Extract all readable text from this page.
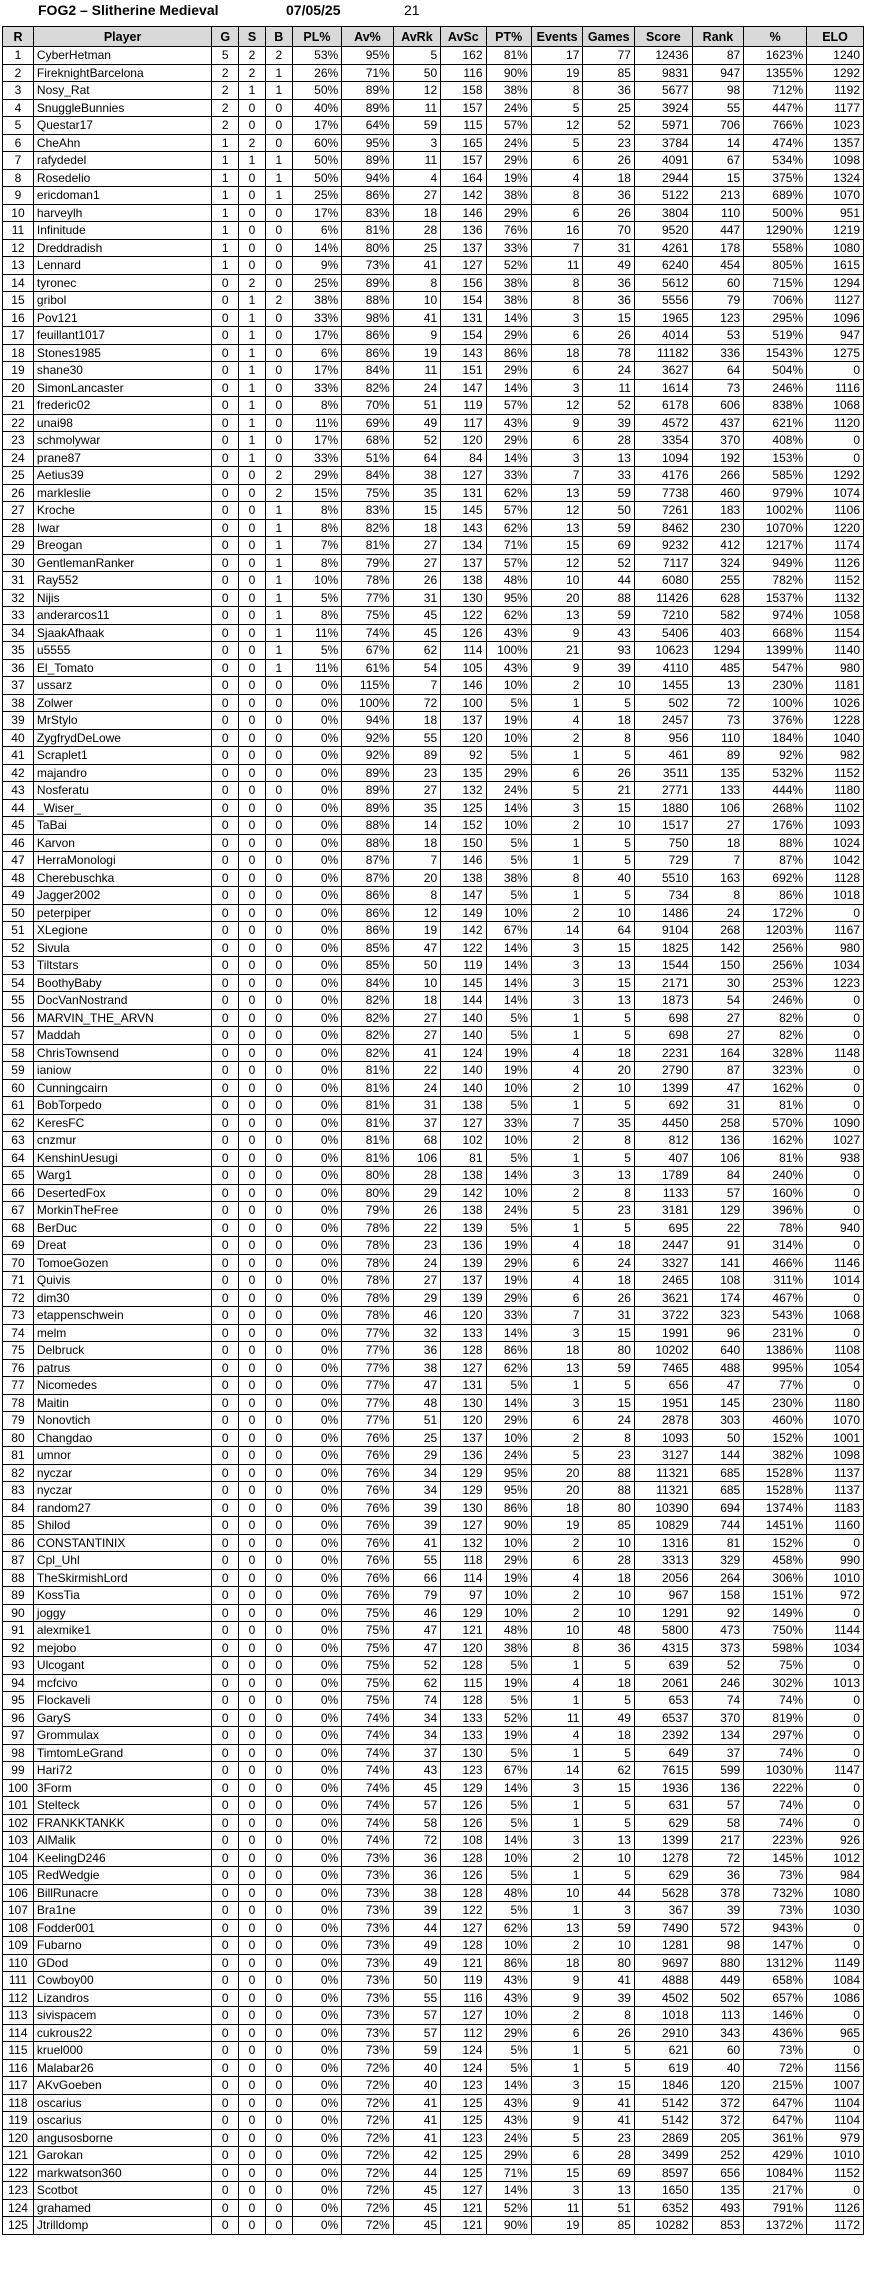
FOG2 – Slitherine Medieval	07/05/25	21
R	Player	G	S	B	PL%	Av%	AvRk	AvSc	PT%	Events	Games	Score	Rank	%	ELO
1	CyberHetman	5	2	2	53%	95%	5	162	81%	17	77	12436	87	1623%	1240
2	FireknightBarcelona	2	2	1	26%	71%	50	116	90%	19	85	9831	947	1355%	1292
3	Nosy_Rat	2	1	1	50%	89%	12	158	38%	8	36	5677	98	712%	1192
4	SnuggleBunnies	2	0	0	40%	89%	11	157	24%	5	25	3924	55	447%	1177
5	Questar17	2	0	0	17%	64%	59	115	57%	12	52	5971	706	766%	1023
6	CheAhn	1	2	0	60%	95%	3	165	24%	5	23	3784	14	474%	1357
7	rafydedel	1	1	1	50%	89%	11	157	29%	6	26	4091	67	534%	1098
8	Rosedelio	1	0	1	50%	94%	4	164	19%	4	18	2944	15	375%	1324
9	ericdoman1	1	0	1	25%	86%	27	142	38%	8	36	5122	213	689%	1070
10	harveylh	1	0	0	17%	83%	18	146	29%	6	26	3804	110	500%	951
11	Infinitude	1	0	0	6%	81%	28	136	76%	16	70	9520	447	1290%	1219
12	Dreddradish	1	0	0	14%	80%	25	137	33%	7	31	4261	178	558%	1080
13	Lennard	1	0	0	9%	73%	41	127	52%	11	49	6240	454	805%	1615
14	tyronec	0	2	0	25%	89%	8	156	38%	8	36	5612	60	715%	1294
15	gribol	0	1	2	38%	88%	10	154	38%	8	36	5556	79	706%	1127
16	Pov121	0	1	0	33%	98%	41	131	14%	3	15	1965	123	295%	1096
17	feuillant1017	0	1	0	17%	86%	9	154	29%	6	26	4014	53	519%	947
18	Stones1985	0	1	0	6%	86%	19	143	86%	18	78	11182	336	1543%	1275
19	shane30	0	1	0	17%	84%	11	151	29%	6	24	3627	64	504%	0
20	SimonLancaster	0	1	0	33%	82%	24	147	14%	3	11	1614	73	246%	1116
21	frederic02	0	1	0	8%	70%	51	119	57%	12	52	6178	606	838%	1068
22	unai98	0	1	0	11%	69%	49	117	43%	9	39	4572	437	621%	1120
23	schmolywar	0	1	0	17%	68%	52	120	29%	6	28	3354	370	408%	0
24	prane87	0	1	0	33%	51%	64	84	14%	3	13	1094	192	153%	0
25	Aetius39	0	0	2	29%	84%	38	127	33%	7	33	4176	266	585%	1292
26	markleslie	0	0	2	15%	75%	35	131	62%	13	59	7738	460	979%	1074
27	Kroche	0	0	1	8%	83%	15	145	57%	12	50	7261	183	1002%	1106
28	Iwar	0	0	1	8%	82%	18	143	62%	13	59	8462	230	1070%	1220
29	Breogan	0	0	1	7%	81%	27	134	71%	15	69	9232	412	1217%	1174
30	GentlemanRanker	0	0	1	8%	79%	27	137	57%	12	52	7117	324	949%	1126
31	Ray552	0	0	1	10%	78%	26	138	48%	10	44	6080	255	782%	1152
32	Nijis	0	0	1	5%	77%	31	130	95%	20	88	11426	628	1537%	1132
33	anderarcos11	0	0	1	8%	75%	45	122	62%	13	59	7210	582	974%	1058
34	SjaakAfhaak	0	0	1	11%	74%	45	126	43%	9	43	5406	403	668%	1154
35	u5555	0	0	1	5%	67%	62	114	100%	21	93	10623	1294	1399%	1140
36	El_Tomato	0	0	1	11%	61%	54	105	43%	9	39	4110	485	547%	980
37	ussarz	0	0	0	0%	115%	7	146	10%	2	10	1455	13	230%	1181
38	Zolwer	0	0	0	0%	100%	72	100	5%	1	5	502	72	100%	1026
39	MrStylo	0	0	0	0%	94%	18	137	19%	4	18	2457	73	376%	1228
40	ZygfrydDeLowe	0	0	0	0%	92%	55	120	10%	2	8	956	110	184%	1040
41	Scraplet1	0	0	0	0%	92%	89	92	5%	1	5	461	89	92%	982
42	majandro	0	0	0	0%	89%	23	135	29%	6	26	3511	135	532%	1152
43	Nosferatu	0	0	0	0%	89%	27	132	24%	5	21	2771	133	444%	1180
44	_Wiser_	0	0	0	0%	89%	35	125	14%	3	15	1880	106	268%	1102
45	TaBai	0	0	0	0%	88%	14	152	10%	2	10	1517	27	176%	1093
46	Karvon	0	0	0	0%	88%	18	150	5%	1	5	750	18	88%	1024
47	HerraMonologi	0	0	0	0%	87%	7	146	5%	1	5	729	7	87%	1042
48	Cherebuschka	0	0	0	0%	87%	20	138	38%	8	40	5510	163	692%	1128
49	Jagger2002	0	0	0	0%	86%	8	147	5%	1	5	734	8	86%	1018
50	peterpiper	0	0	0	0%	86%	12	149	10%	2	10	1486	24	172%	0
51	XLegione	0	0	0	0%	86%	19	142	67%	14	64	9104	268	1203%	1167
52	Sivula	0	0	0	0%	85%	47	122	14%	3	15	1825	142	256%	980
53	Tiltstars	0	0	0	0%	85%	50	119	14%	3	13	1544	150	256%	1034
54	BoothyBaby	0	0	0	0%	84%	10	145	14%	3	15	2171	30	253%	1223
55	DocVanNostrand	0	0	0	0%	82%	18	144	14%	3	13	1873	54	246%	0
56	MARVIN_THE_ARVN	0	0	0	0%	82%	27	140	5%	1	5	698	27	82%	0
57	Maddah	0	0	0	0%	82%	27	140	5%	1	5	698	27	82%	0
58	ChrisTownsend	0	0	0	0%	82%	41	124	19%	4	18	2231	164	328%	1148
59	ianiow	0	0	0	0%	81%	22	140	19%	4	20	2790	87	323%	0
60	Cunningcairn	0	0	0	0%	81%	24	140	10%	2	10	1399	47	162%	0
61	BobTorpedo	0	0	0	0%	81%	31	138	5%	1	5	692	31	81%	0
62	KeresFC	0	0	0	0%	81%	37	127	33%	7	35	4450	258	570%	1090
63	cnzmur	0	0	0	0%	81%	68	102	10%	2	8	812	136	162%	1027
64	KenshinUesugi	0	0	0	0%	81%	106	81	5%	1	5	407	106	81%	938
65	Warg1	0	0	0	0%	80%	28	138	14%	3	13	1789	84	240%	0
66	DesertedFox	0	0	0	0%	80%	29	142	10%	2	8	1133	57	160%	0
67	MorkinTheFree	0	0	0	0%	79%	26	138	24%	5	23	3181	129	396%	0
68	BerDuc	0	0	0	0%	78%	22	139	5%	1	5	695	22	78%	940
69	Dreat	0	0	0	0%	78%	23	136	19%	4	18	2447	91	314%	0
70	TomoeGozen	0	0	0	0%	78%	24	139	29%	6	24	3327	141	466%	1146
71	Quivis	0	0	0	0%	78%	27	137	19%	4	18	2465	108	311%	1014
72	dim30	0	0	0	0%	78%	29	139	29%	6	26	3621	174	467%	0
73	etappenschwein	0	0	0	0%	78%	46	120	33%	7	31	3722	323	543%	1068
74	melm	0	0	0	0%	77%	32	133	14%	3	15	1991	96	231%	0
75	Delbruck	0	0	0	0%	77%	36	128	86%	18	80	10202	640	1386%	1108
76	patrus	0	0	0	0%	77%	38	127	62%	13	59	7465	488	995%	1054
77	Nicomedes	0	0	0	0%	77%	47	131	5%	1	5	656	47	77%	0
78	Maitin	0	0	0	0%	77%	48	130	14%	3	15	1951	145	230%	1180
79	Nonovtich	0	0	0	0%	77%	51	120	29%	6	24	2878	303	460%	1070
80	Changdao	0	0	0	0%	76%	25	137	10%	2	8	1093	50	152%	1001
81	umnor	0	0	0	0%	76%	29	136	24%	5	23	3127	144	382%	1098
82	nyczar	0	0	0	0%	76%	34	129	95%	20	88	11321	685	1528%	1137
83	nyczar	0	0	0	0%	76%	34	129	95%	20	88	11321	685	1528%	1137
84	random27	0	0	0	0%	76%	39	130	86%	18	80	10390	694	1374%	1183
85	Shilod	0	0	0	0%	76%	39	127	90%	19	85	10829	744	1451%	1160
86	CONSTANTINIX	0	0	0	0%	76%	41	132	10%	2	10	1316	81	152%	0
87	Cpl_Uhl	0	0	0	0%	76%	55	118	29%	6	28	3313	329	458%	990
88	TheSkirmishLord	0	0	0	0%	76%	66	114	19%	4	18	2056	264	306%	1010
89	KossTia	0	0	0	0%	76%	79	97	10%	2	10	967	158	151%	972
90	joggy	0	0	0	0%	75%	46	129	10%	2	10	1291	92	149%	0
91	alexmike1	0	0	0	0%	75%	47	121	48%	10	48	5800	473	750%	1144
92	mejobo	0	0	0	0%	75%	47	120	38%	8	36	4315	373	598%	1034
93	Ulcogant	0	0	0	0%	75%	52	128	5%	1	5	639	52	75%	0
94	mcfcivo	0	0	0	0%	75%	62	115	19%	4	18	2061	246	302%	1013
95	Flockaveli	0	0	0	0%	75%	74	128	5%	1	5	653	74	74%	0
96	GaryS	0	0	0	0%	74%	34	133	52%	11	49	6537	370	819%	0
97	Grommulax	0	0	0	0%	74%	34	133	19%	4	18	2392	134	297%	0
98	TimtomLeGrand	0	0	0	0%	74%	37	130	5%	1	5	649	37	74%	0
99	Hari72	0	0	0	0%	74%	43	123	67%	14	62	7615	599	1030%	1147
100	3Form	0	0	0	0%	74%	45	129	14%	3	15	1936	136	222%	0
101	Stelteck	0	0	0	0%	74%	57	126	5%	1	5	631	57	74%	0
102	FRANKKTANKK	0	0	0	0%	74%	58	126	5%	1	5	629	58	74%	0
103	AlMalik	0	0	0	0%	74%	72	108	14%	3	13	1399	217	223%	926
104	KeelingD246	0	0	0	0%	73%	36	128	10%	2	10	1278	72	145%	1012
105	RedWedgie	0	0	0	0%	73%	36	126	5%	1	5	629	36	73%	984
106	BillRunacre	0	0	0	0%	73%	38	128	48%	10	44	5628	378	732%	1080
107	Bra1ne	0	0	0	0%	73%	39	122	5%	1	3	367	39	73%	1030
108	Fodder001	0	0	0	0%	73%	44	127	62%	13	59	7490	572	943%	0
109	Fubarno	0	0	0	0%	73%	49	128	10%	2	10	1281	98	147%	0
110	GDod	0	0	0	0%	73%	49	121	86%	18	80	9697	880	1312%	1149
111	Cowboy00	0	0	0	0%	73%	50	119	43%	9	41	4888	449	658%	1084
112	Lizandros	0	0	0	0%	73%	55	116	43%	9	39	4502	502	657%	1086
113	sivispacem	0	0	0	0%	73%	57	127	10%	2	8	1018	113	146%	0
114	cukrous22	0	0	0	0%	73%	57	112	29%	6	26	2910	343	436%	965
115	kruel000	0	0	0	0%	73%	59	124	5%	1	5	621	60	73%	0
116	Malabar26	0	0	0	0%	72%	40	124	5%	1	5	619	40	72%	1156
117	AKvGoeben	0	0	0	0%	72%	40	123	14%	3	15	1846	120	215%	1007
118	oscarius	0	0	0	0%	72%	41	125	43%	9	41	5142	372	647%	1104
119	oscarius	0	0	0	0%	72%	41	125	43%	9	41	5142	372	647%	1104
120	angusosborne	0	0	0	0%	72%	41	123	24%	5	23	2869	205	361%	979
121	Garokan	0	0	0	0%	72%	42	125	29%	6	28	3499	252	429%	1010
122	markwatson360	0	0	0	0%	72%	44	125	71%	15	69	8597	656	1084%	1152
123	Scotbot	0	0	0	0%	72%	45	127	14%	3	13	1650	135	217%	0
124	grahamed	0	0	0	0%	72%	45	121	52%	11	51	6352	493	791%	1126
125	Jtrilldomp	0	0	0	0%	72%	45	121	90%	19	85	10282	853	1372%	1172
